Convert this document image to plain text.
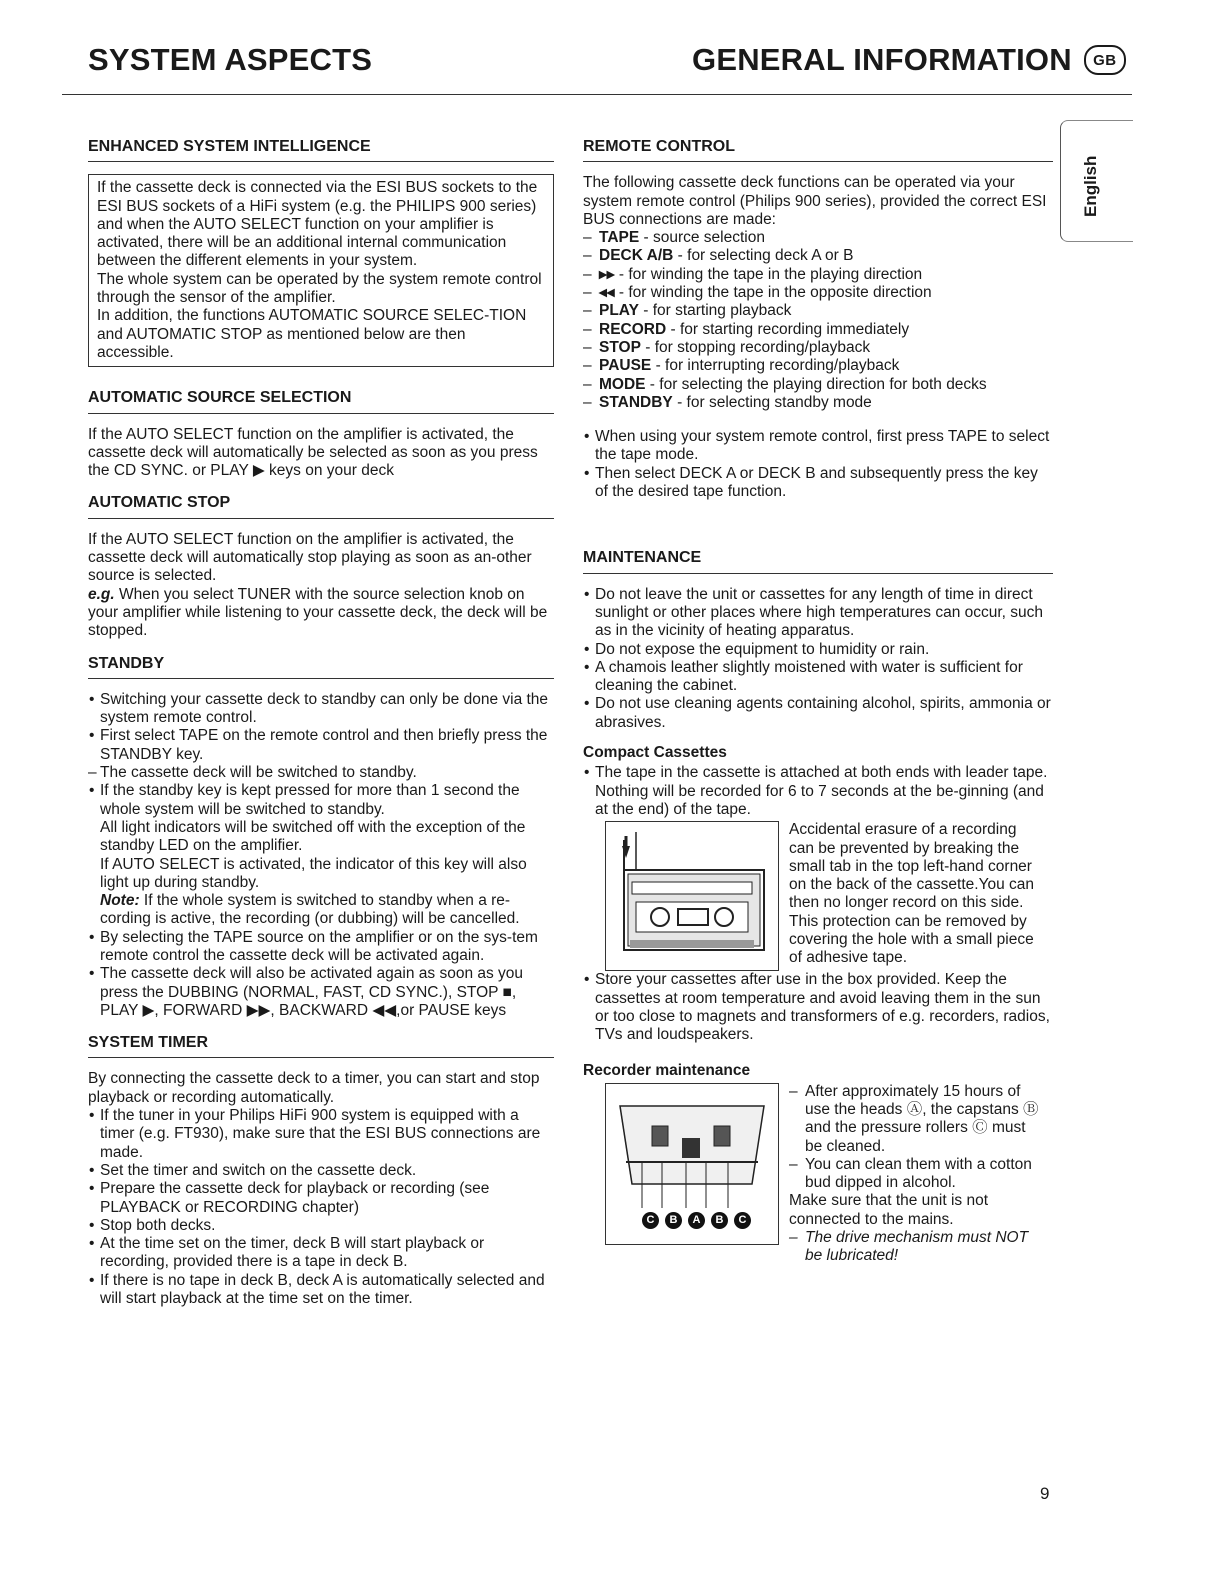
SYSTEM ASPECTS	GENERAL INFORMATION	GB
English
ENHANCED SYSTEM INTELLIGENCE

If the cassette deck is connected via the ESI BUS sockets to the ESI BUS sockets of a HiFi system (e.g. the PHILIPS 900 series) and when the AUTO SELECT function on your amplifier is activated, there will be an additional internal communication between the different elements in your system.

The whole system can be operated by the system remote control through the sensor of the amplifier.

In addition, the functions AUTOMATIC SOURCE SELEC-TION and AUTOMATIC STOP as mentioned below are then accessible.

AUTOMATIC SOURCE SELECTION

If the AUTO SELECT function on the amplifier is activated, the cassette deck will automatically be selected as soon as you press the CD SYNC. or PLAY ▶ keys on your deck

AUTOMATIC STOP

If the AUTO SELECT function on the amplifier is activated, the cassette deck will automatically stop playing as soon as an-other source is selected.

e.g. When you select TUNER with the source selection knob on your amplifier while listening to your cassette deck, the deck will be stopped.

STANDBY
• Switching your cassette deck to standby can only be done via the system remote control.
• First select TAPE on the remote control and then briefly press the STANDBY key.
– The cassette deck will be switched to standby.
• If the standby key is kept pressed for more than 1 second the whole system will be switched to standby.
All light indicators will be switched off with the exception of the standby LED on the amplifier.
If AUTO SELECT is activated, the indicator of this key will also light up during standby.
Note: If the whole system is switched to standby when a re-cording is active, the recording (or dubbing) will be cancelled.
• By selecting the TAPE source on the amplifier or on the sys-tem remote control the cassette deck will be activated again.
• The cassette deck will also be activated again as soon as you press the DUBBING (NORMAL, FAST, CD SYNC.), STOP ■, PLAY ▶, FORWARD ▶▶, BACKWARD ◀◀,or PAUSE keys
SYSTEM TIMER

By connecting the cassette deck to a timer, you can start and stop playback or recording automatically.

• If the tuner in your Philips HiFi 900 system is equipped with a timer (e.g. FT930), make sure that the ESI BUS connections are made.
• Set the timer and switch on the cassette deck.
• Prepare the cassette deck for playback or recording (see PLAYBACK or RECORDING chapter)
• Stop both decks.
• At the time set on the timer, deck B will start playback or recording, provided there is a tape in deck B.
• If there is no tape in deck B, deck A is automatically selected and will start playback at the time set on the timer.
REMOTE CONTROL

The following cassette deck functions can be operated via your system remote control (Philips 900 series), provided the correct ESI BUS connections are made:

– TAPE - source selection
– DECK A/B - for selecting deck A or B
– ▸▸ - for winding the tape in the playing direction
– ◂◂ - for winding the tape in the opposite direction
– PLAY - for starting playback
– RECORD - for starting recording immediately
– STOP - for stopping recording/playback
– PAUSE - for interrupting recording/playback
– MODE - for selecting the playing direction for both decks
– STANDBY - for selecting standby mode
• When using your system remote control, first press TAPE to select the tape mode.
• Then select DECK A or DECK B and subsequently press the key of the desired tape function.
MAINTENANCE
• Do not leave the unit or cassettes for any length of time in direct sunlight or other places where high temperatures can occur, such as in the vicinity of heating apparatus.
• Do not expose the equipment to humidity or rain.
• A chamois leather slightly moistened with water is sufficient for cleaning the cabinet.
• Do not use cleaning agents containing alcohol, spirits, ammonia or abrasives.
Compact Cassettes
• The tape in the cassette is attached at both ends with leader tape. Nothing will be recorded for 6 to 7 seconds at the be-ginning (and at the end) of the tape.
Accidental erasure of a recording can be prevented by breaking the small tab in the top left-hand corner on the back of the cassette.You can then no longer record on this side. This protection can be removed by covering the hole with a small piece of adhesive tape.
• Store your cassettes after use in the box provided. Keep the cassettes at room temperature and avoid leaving them in the sun or too close to magnets and transformers of e.g. recorders, radios, TVs and loudspeakers.
Recorder maintenance
C	B	A	B	C
– After approximately 15 hours of use the heads Ⓐ, the capstans Ⓑ and the pressure rollers Ⓒ must be cleaned.
– You can clean them with a cotton bud dipped in alcohol.
Make sure that the unit is not connected to the mains.
– The drive mechanism must NOT be lubricated!
9
